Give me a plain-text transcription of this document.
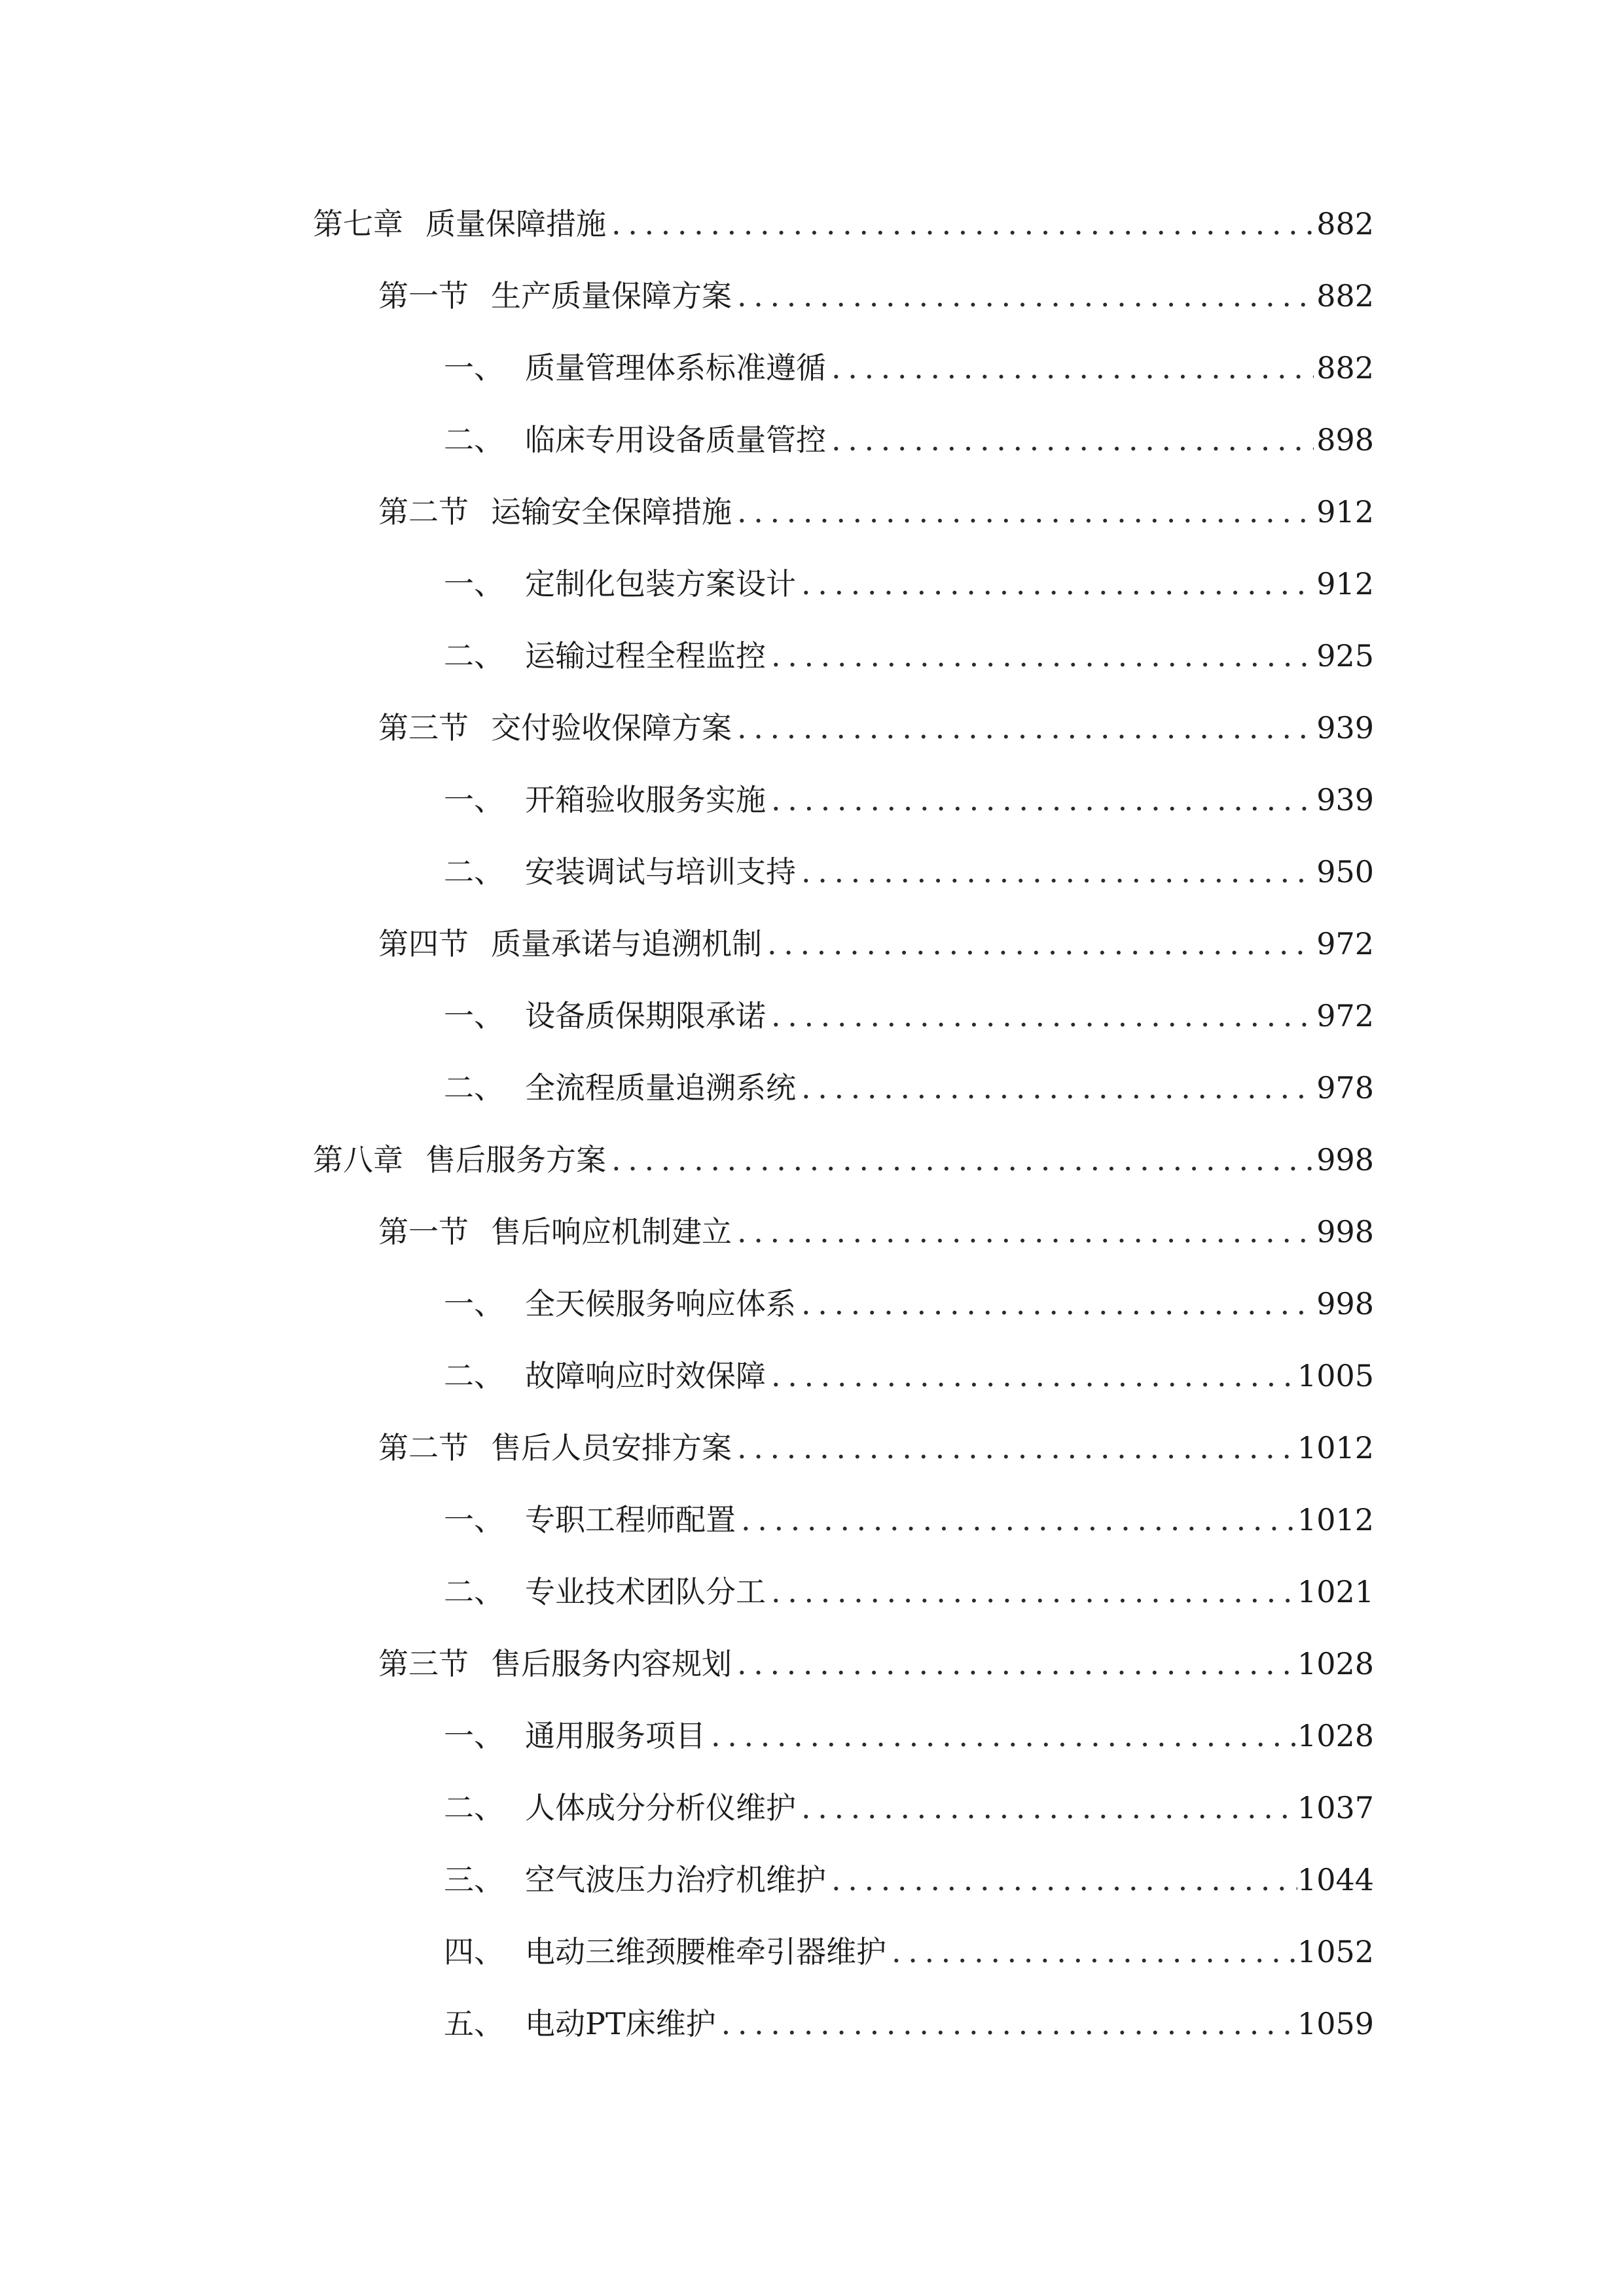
第七章 质量保障措施 .....	882
第一节 生产质量保障方案 .....	882
一、 质量管理体系标准遵循 .....	882
二、 临床专用设备质量管控 .....	898
第二节 运输安全保障措施 .....	912
一、 定制化包装方案设计 .....	912
二、 运输过程全程监控 .....	925
第三节 交付验收保障方案 .....	939
一、 开箱验收服务实施 .....	939
二、 安装调试与培训支持 .....	950
第四节 质量承诺与追溯机制 .....	972
一、 设备质保期限承诺 .....	972
二、 全流程质量追溯系统 .....	978
第八章 售后服务方案 .....	998
第一节 售后响应机制建立 .....	998
一、 全天候服务响应体系 .....	998
二、 故障响应时效保障 .....	1005
第二节 售后人员安排方案 .....	1012
一、 专职工程师配置 .....	1012
二、 专业技术团队分工 .....	1021
第三节 售后服务内容规划 .....	1028
一、 通用服务项目 .....	1028
二、 人体成分分析仪维护 .....	1037
三、 空气波压力治疗机维护 .....	1044
四、 电动三维颈腰椎牵引器维护 .....	1052
五、 电动PT床维护 .....	1059
